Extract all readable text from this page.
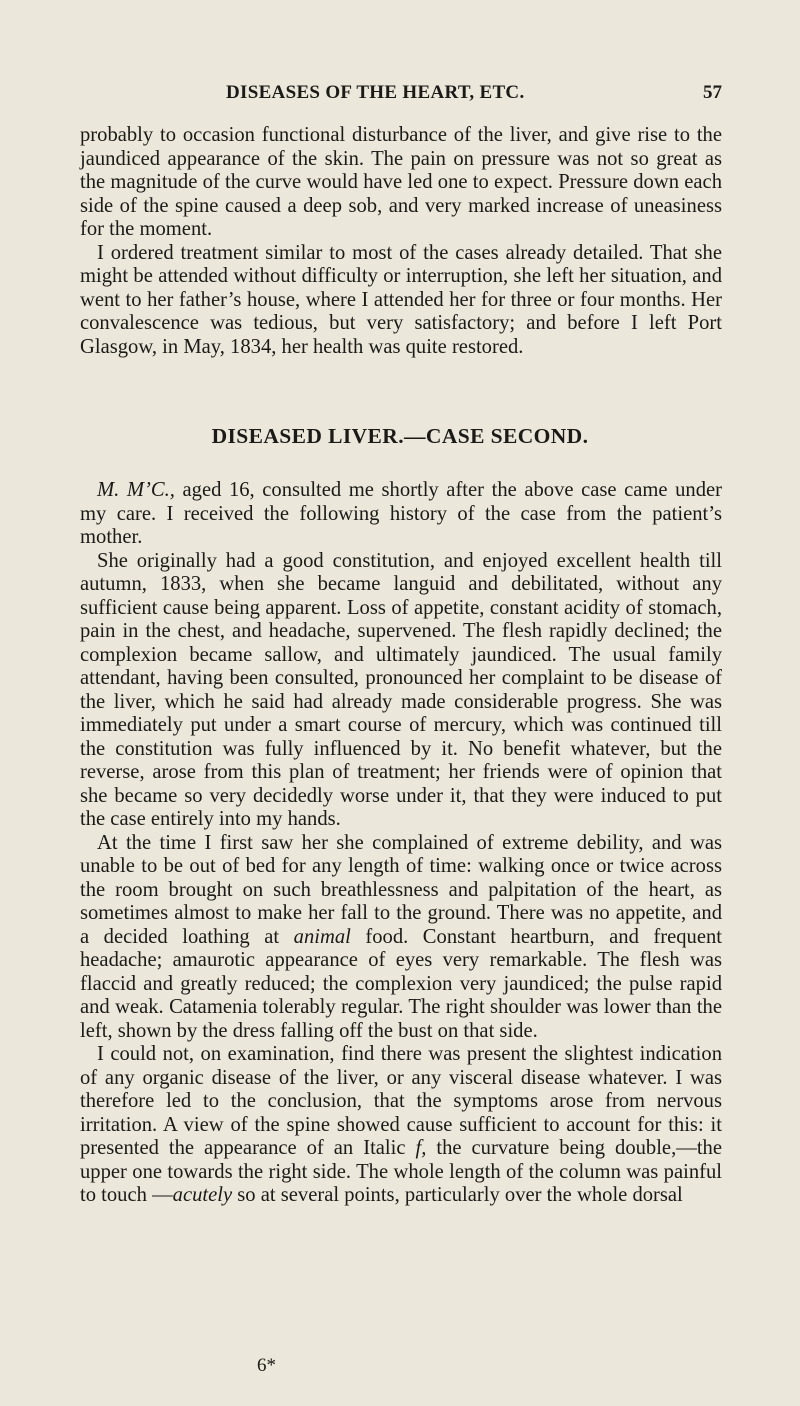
DISEASES OF THE HEART, ETC.	57

probably to occasion functional disturbance of the liver, and give rise to the jaundiced appearance of the skin. The pain on pressure was not so great as the magnitude of the curve would have led one to expect. Pressure down each side of the spine caused a deep sob, and very marked increase of uneasiness for the moment.

I ordered treatment similar to most of the cases already detailed. That she might be attended without difficulty or interruption, she left her situation, and went to her father’s house, where I attended her for three or four months. Her convalescence was tedious, but very satisfactory; and before I left Port Glasgow, in May, 1834, her health was quite restored.

DISEASED LIVER.—CASE SECOND.

M. M’C., aged 16, consulted me shortly after the above case came under my care. I received the following history of the case from the patient’s mother.

She originally had a good constitution, and enjoyed excellent health till autumn, 1833, when she became languid and debilitated, without any sufficient cause being apparent. Loss of appetite, constant acidity of stomach, pain in the chest, and headache, supervened. The flesh rapidly declined; the complexion became sallow, and ultimately jaundiced. The usual family attendant, having been consulted, pronounced her complaint to be disease of the liver, which he said had already made considerable progress. She was immediately put under a smart course of mercury, which was continued till the constitution was fully influenced by it. No benefit whatever, but the reverse, arose from this plan of treatment; her friends were of opinion that she became so very decidedly worse under it, that they were induced to put the case entirely into my hands.

At the time I first saw her she complained of extreme debility, and was unable to be out of bed for any length of time: walking once or twice across the room brought on such breathlessness and palpitation of the heart, as sometimes almost to make her fall to the ground. There was no appetite, and a decided loathing at animal food. Constant heartburn, and frequent headache; amaurotic appearance of eyes very remarkable. The flesh was flaccid and greatly reduced; the complexion very jaundiced; the pulse rapid and weak. Catamenia tolerably regular. The right shoulder was lower than the left, shown by the dress falling off the bust on that side.

I could not, on examination, find there was present the slightest indication of any organic disease of the liver, or any visceral disease whatever. I was therefore led to the conclusion, that the symptoms arose from nervous irritation. A view of the spine showed cause sufficient to account for this: it presented the appearance of an Italic f, the curvature being double,—the upper one towards the right side. The whole length of the column was painful to touch —acutely so at several points, particularly over the whole dorsal

6*
